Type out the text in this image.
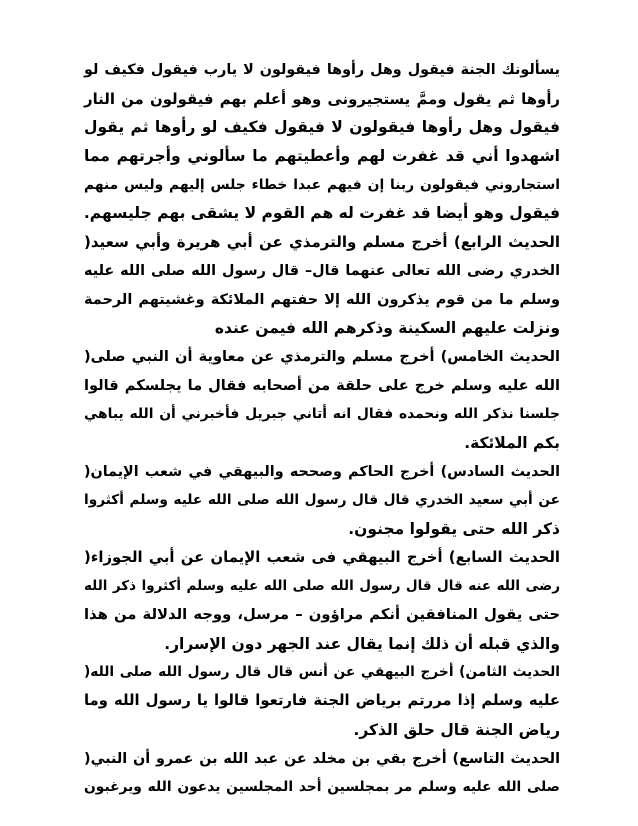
يسألونك الجنة فيقول وهل رأوها فيقولون لا يارب فيقول فكيف لو
رأوها ثم يقول وممَّ يستجيرونى وهو أعلم بهم فيقولون من النار
فيقول وهل رأوها فيقولون لا فيقول فكيف لو رأوها ثم يقول
اشهدوا أني قد غفرت لهم وأعطيتهم ما سألوني وأجرتهم مما
استجاروني فيقولون ربنا إن فيهم عبدا خطاء جلس إليهم وليس منهم
فيقول وهو أيضا قد غفرت له هم القوم لا يشقى بهم جليسهم.
الحديث الرابع) أخرج مسلم والترمذي عن أبي هريرة وأبي سعيد(
الخدري رضى الله تعالى عنهما قال– قال رسول الله صلى الله عليه
وسلم ما من قوم يذكرون الله إلا حفتهم الملائكة وغشيتهم الرحمة
ونزلت عليهم السكينة وذكرهم الله فيمن عنده
الحديث الخامس) أخرج مسلم والترمذي عن معاوية أن النبي صلى(
الله عليه وسلم خرج على حلقة من أصحابه فقال ما يجلسكم قالوا
جلسنا نذكر الله ونحمده فقال انه أتاني جبريل فأخبرني أن الله يباهي
بكم الملائكة.
الحديث السادس) أخرج الحاكم وصححه والبيهقي في شعب الإيمان(
عن أبي سعيد الخدري قال قال رسول الله صلى الله عليه وسلم أكثروا
ذكر الله حتى يقولوا مجنون.
الحديث السابع) أخرج البيهقي فى شعب الإيمان عن أبي الجوزاء(
رضى الله عنه قال قال رسول الله صلى الله عليه وسلم أكثروا ذكر الله
حتى يقول المنافقين أنكم مراؤون – مرسل، ووجه الدلالة من هذا
والذي قبله أن ذلك إنما يقال عند الجهر دون الإسرار.
الحديث الثامن) أخرج البيهقي عن أنس قال قال رسول الله صلى الله(
عليه وسلم إذا مررتم برياض الجنة فارتعوا قالوا يا رسول الله وما
رياض الجنة قال حلق الذكر.
الحديث التاسع) أخرج بقي بن مخلد عن عبد الله بن عمرو أن النبي(
صلى الله عليه وسلم مر بمجلسين أحد المجلسين يدعون الله ويرغبون
